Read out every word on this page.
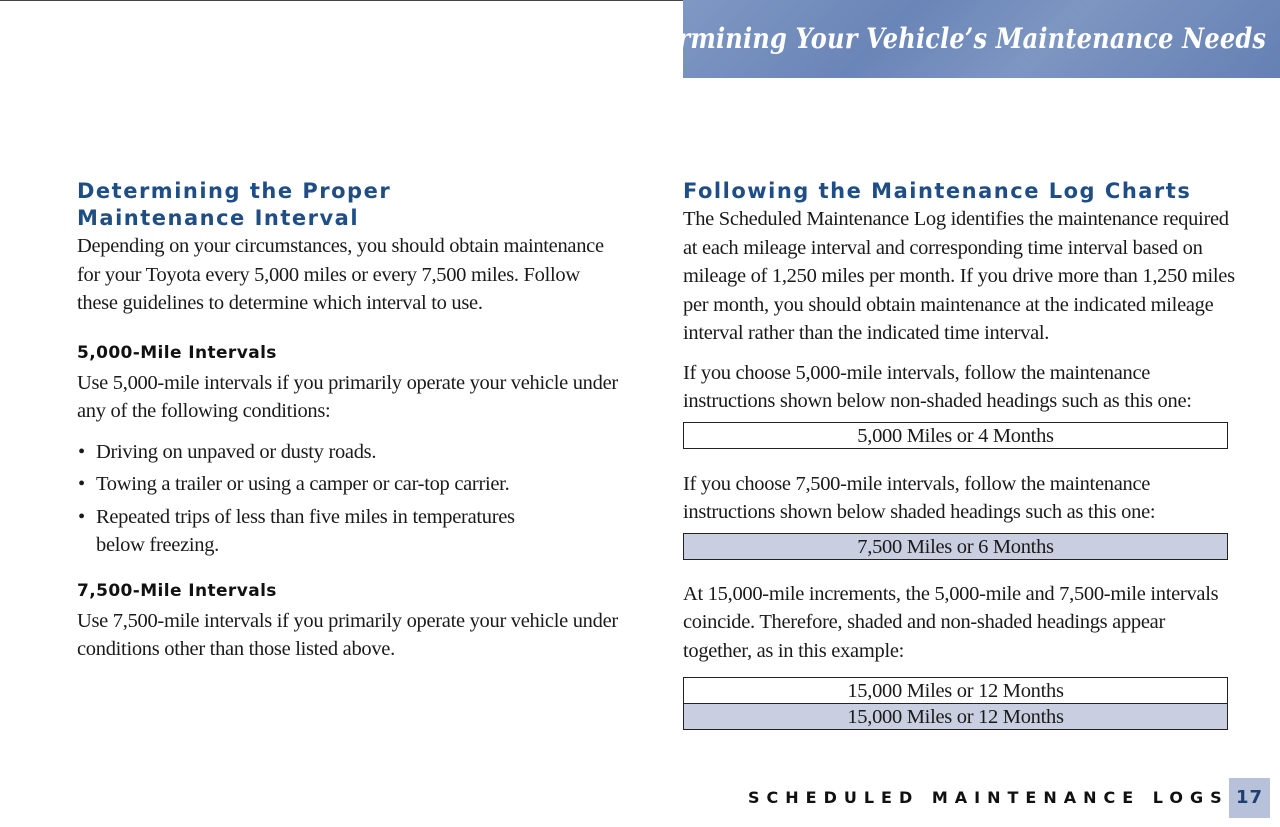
Determining Your Vehicle’s Maintenance Needs
Determining the Proper
Maintenance Interval

Depending on your circumstances, you should obtain maintenance for your Toyota every 5,000 miles or every 7,500 miles. Follow these guidelines to determine which interval to use.

5,000-Mile Intervals

Use 5,000-mile intervals if you primarily operate your vehicle under any of the following conditions:

• Driving on unpaved or dusty roads.
• Towing a trailer or using a camper or car-top carrier.
• Repeated trips of less than five miles in temperatures below freezing.
7,500-Mile Intervals

Use 7,500-mile intervals if you primarily operate your vehicle under conditions other than those listed above.

Following the Maintenance Log Charts

The Scheduled Maintenance Log identifies the maintenance required at each mileage interval and corresponding time interval based on mileage of 1,250 miles per month. If you drive more than 1,250 miles per month, you should obtain maintenance at the indicated mileage interval rather than the indicated time interval.

If you choose 5,000-mile intervals, follow the maintenance instructions shown below non-shaded headings such as this one:

5,000 Miles or 4 Months

If you choose 7,500-mile intervals, follow the maintenance instructions shown below shaded headings such as this one:

7,500 Miles or 6 Months

At 15,000-mile increments, the 5,000-mile and 7,500-mile intervals coincide. Therefore, shaded and non-shaded headings appear together, as in this example:

15,000 Miles or 12 Months
15,000 Miles or 12 Months
SCHEDULED MAINTENANCE LOGS 17
